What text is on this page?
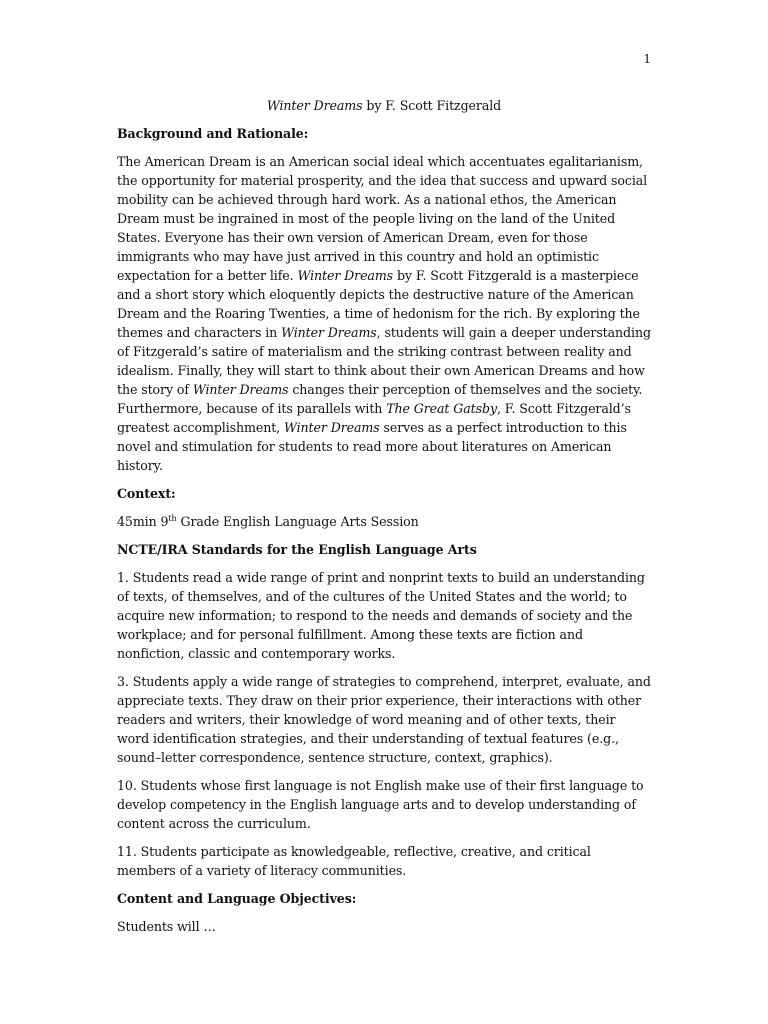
1

Winter Dreams by F. Scott Fitzgerald

Background and Rationale:

The American Dream is an American social ideal which accentuates egalitarianism, the opportunity for material prosperity, and the idea that success and upward social mobility can be achieved through hard work. As a national ethos, the American Dream must be ingrained in most of the people living on the land of the United States. Everyone has their own version of American Dream, even for those immigrants who may have just arrived in this country and hold an optimistic expectation for a better life. Winter Dreams by F. Scott Fitzgerald is a masterpiece and a short story which eloquently depicts the destructive nature of the American Dream and the Roaring Twenties, a time of hedonism for the rich. By exploring the themes and characters in Winter Dreams, students will gain a deeper understanding of Fitzgerald’s satire of materialism and the striking contrast between reality and idealism. Finally, they will start to think about their own American Dreams and how the story of Winter Dreams changes their perception of themselves and the society. Furthermore, because of its parallels with The Great Gatsby, F. Scott Fitzgerald’s greatest accomplishment, Winter Dreams serves as a perfect introduction to this novel and stimulation for students to read more about literatures on American history.

Context:

45min 9th Grade English Language Arts Session

NCTE/IRA Standards for the English Language Arts

1. Students read a wide range of print and nonprint texts to build an understanding of texts, of themselves, and of the cultures of the United States and the world; to acquire new information; to respond to the needs and demands of society and the workplace; and for personal fulfillment. Among these texts are fiction and nonfiction, classic and contemporary works.

3. Students apply a wide range of strategies to comprehend, interpret, evaluate, and appreciate texts. They draw on their prior experience, their interactions with other readers and writers, their knowledge of word meaning and of other texts, their word identification strategies, and their understanding of textual features (e.g., sound–letter correspondence, sentence structure, context, graphics).

10. Students whose first language is not English make use of their first language to develop competency in the English language arts and to develop understanding of content across the curriculum.

11. Students participate as knowledgeable, reflective, creative, and critical members of a variety of literacy communities.

Content and Language Objectives:

Students will …
